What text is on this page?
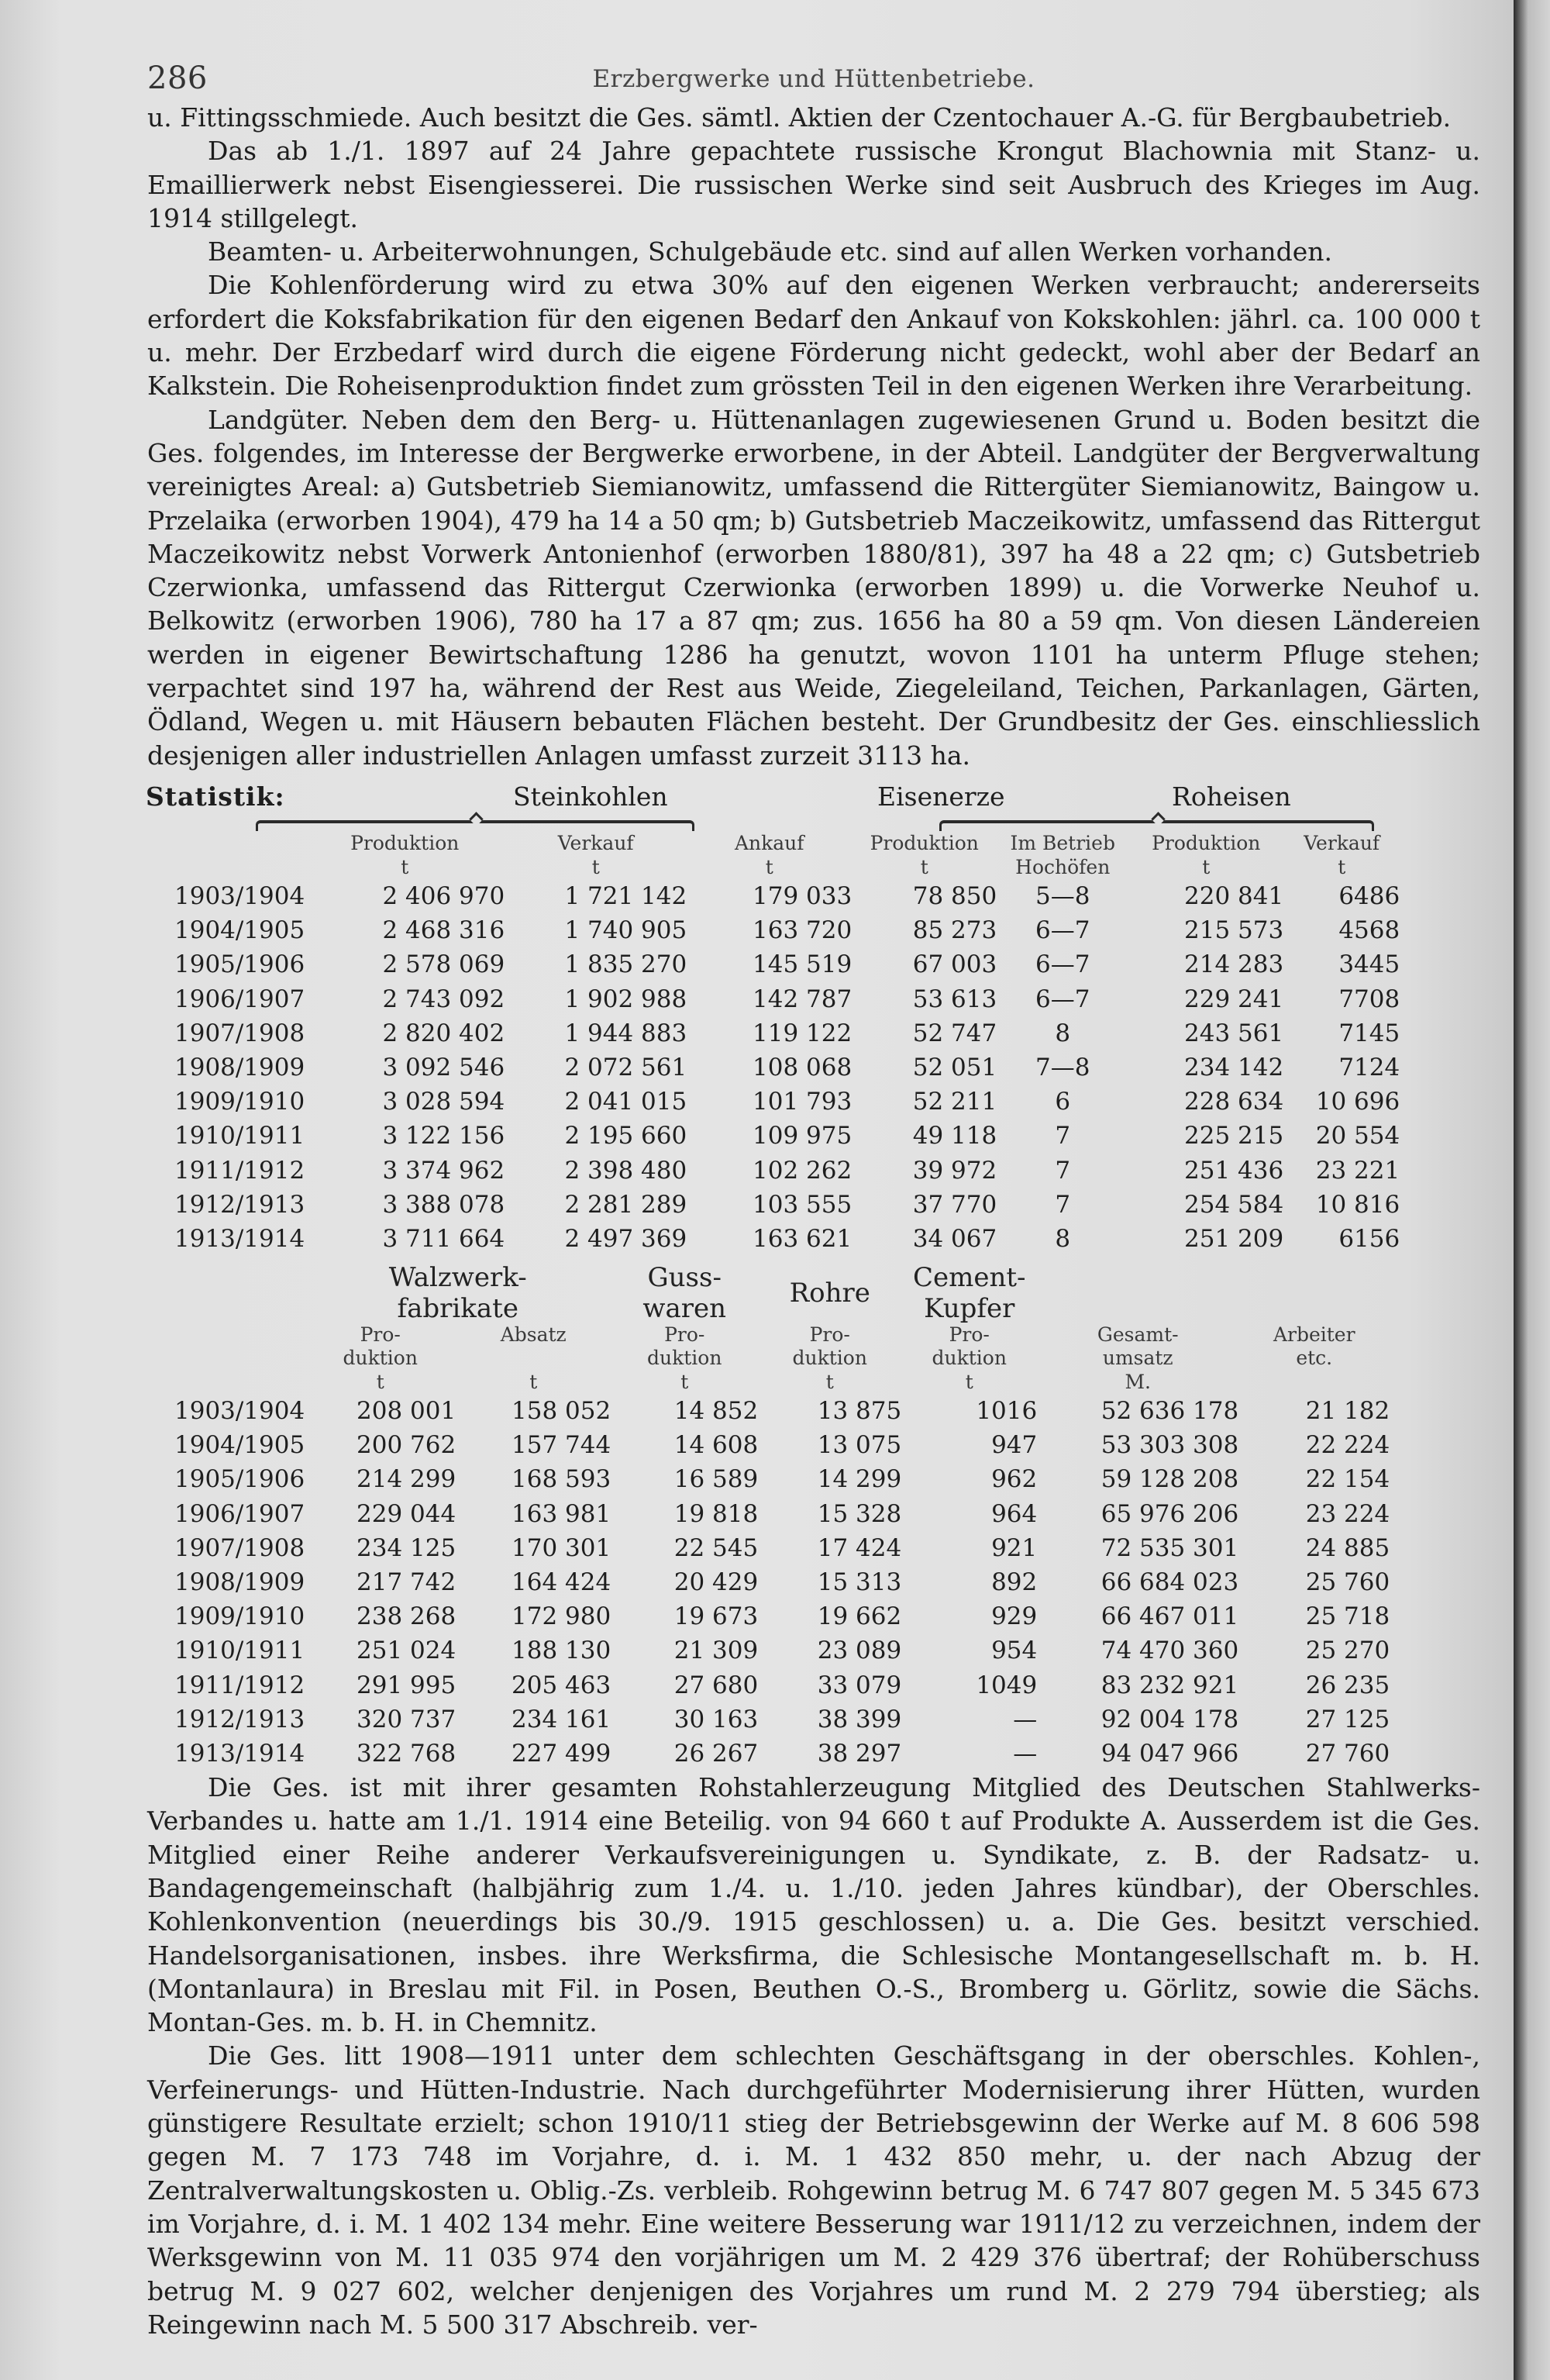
286	Erzbergwerke und Hüttenbetriebe.

u. Fittingsschmiede. Auch besitzt die Ges. sämtl. Aktien der Czentochauer A.-G. für Bergbaubetrieb.

Das ab 1./1. 1897 auf 24 Jahre gepachtete russische Krongut Blachownia mit Stanz- u. Emaillierwerk nebst Eisengiesserei. Die russischen Werke sind seit Ausbruch des Krieges im Aug. 1914 stillgelegt.

Beamten- u. Arbeiterwohnungen, Schulgebäude etc. sind auf allen Werken vorhanden.

Die Kohlenförderung wird zu etwa 30% auf den eigenen Werken verbraucht; andererseits erfordert die Koksfabrikation für den eigenen Bedarf den Ankauf von Kokskohlen: jährl. ca. 100 000 t u. mehr. Der Erzbedarf wird durch die eigene Förderung nicht gedeckt, wohl aber der Bedarf an Kalkstein. Die Roheisenproduktion findet zum grössten Teil in den eigenen Werken ihre Verarbeitung.

Landgüter. Neben dem den Berg- u. Hüttenanlagen zugewiesenen Grund u. Boden besitzt die Ges. folgendes, im Interesse der Bergwerke erworbene, in der Abteil. Landgüter der Bergverwaltung vereinigtes Areal: a) Gutsbetrieb Siemianowitz, umfassend die Rittergüter Siemianowitz, Baingow u. Przelaika (erworben 1904), 479 ha 14 a 50 qm; b) Gutsbetrieb Maczeikowitz, umfassend das Rittergut Maczeikowitz nebst Vorwerk Antonienhof (erworben 1880/81), 397 ha 48 a 22 qm; c) Gutsbetrieb Czerwionka, umfassend das Rittergut Czerwionka (erworben 1899) u. die Vorwerke Neuhof u. Belkowitz (erworben 1906), 780 ha 17 a 87 qm; zus. 1656 ha 80 a 59 qm. Von diesen Ländereien werden in eigener Bewirtschaftung 1286 ha genutzt, wovon 1101 ha unterm Pfluge stehen; verpachtet sind 197 ha, während der Rest aus Weide, Ziegeleiland, Teichen, Parkanlagen, Gärten, Ödland, Wegen u. mit Häusern bebauten Flächen besteht. Der Grundbesitz der Ges. einschliesslich desjenigen aller industriellen Anlagen umfasst zurzeit 3113 ha.

Statistik:	Steinkohlen	Eisenerze	Roheisen
	Produktion	Verkauf	Ankauf	Produktion	Im Betrieb	Produktion	Verkauf
	t	t	t	t	Hochöfen	t	t
1903/1904	2 406 970	1 721 142	179 033	78 850	5—8	220 841	6486
1904/1905	2 468 316	1 740 905	163 720	85 273	6—7	215 573	4568
1905/1906	2 578 069	1 835 270	145 519	67 003	6—7	214 283	3445
1906/1907	2 743 092	1 902 988	142 787	53 613	6—7	229 241	7708
1907/1908	2 820 402	1 944 883	119 122	52 747	8	243 561	7145
1908/1909	3 092 546	2 072 561	108 068	52 051	7—8	234 142	7124
1909/1910	3 028 594	2 041 015	101 793	52 211	6	228 634	10 696
1910/1911	3 122 156	2 195 660	109 975	49 118	7	225 215	20 554
1911/1912	3 374 962	2 398 480	102 262	39 972	7	251 436	23 221
1912/1913	3 388 078	2 281 289	103 555	37 770	7	254 584	10 816
1913/1914	3 711 664	2 497 369	163 621	34 067	8	251 209	6156
	Walzwerk-		Guss-	Rohre	Cement-		
	fabrikate		waren		Kupfer		
	Pro-	Absatz	Pro-	Pro-	Pro-	Gesamt-	Arbeiter
	duktion		duktion	duktion	duktion	umsatz	etc.
	t	t	t	t	t	M.	
1903/1904	208 001	158 052	14 852	13 875	1016	52 636 178	21 182
1904/1905	200 762	157 744	14 608	13 075	947	53 303 308	22 224
1905/1906	214 299	168 593	16 589	14 299	962	59 128 208	22 154
1906/1907	229 044	163 981	19 818	15 328	964	65 976 206	23 224
1907/1908	234 125	170 301	22 545	17 424	921	72 535 301	24 885
1908/1909	217 742	164 424	20 429	15 313	892	66 684 023	25 760
1909/1910	238 268	172 980	19 673	19 662	929	66 467 011	25 718
1910/1911	251 024	188 130	21 309	23 089	954	74 470 360	25 270
1911/1912	291 995	205 463	27 680	33 079	1049	83 232 921	26 235
1912/1913	320 737	234 161	30 163	38 399	—	92 004 178	27 125
1913/1914	322 768	227 499	26 267	38 297	—	94 047 966	27 760

Die Ges. ist mit ihrer gesamten Rohstahlerzeugung Mitglied des Deutschen Stahlwerks-Verbandes u. hatte am 1./1. 1914 eine Beteilig. von 94 660 t auf Produkte A. Ausserdem ist die Ges. Mitglied einer Reihe anderer Verkaufsvereinigungen u. Syndikate, z. B. der Radsatz- u. Bandagengemeinschaft (halbjährig zum 1./4. u. 1./10. jeden Jahres kündbar), der Oberschles. Kohlenkonvention (neuerdings bis 30./9. 1915 geschlossen) u. a. Die Ges. besitzt verschied. Handelsorganisationen, insbes. ihre Werksfirma, die Schlesische Montangesellschaft m. b. H. (Montanlaura) in Breslau mit Fil. in Posen, Beuthen O.-S., Bromberg u. Görlitz, sowie die Sächs. Montan-Ges. m. b. H. in Chemnitz.

Die Ges. litt 1908—1911 unter dem schlechten Geschäftsgang in der oberschles. Kohlen-, Verfeinerungs- und Hütten-Industrie. Nach durchgeführter Modernisierung ihrer Hütten, wurden günstigere Resultate erzielt; schon 1910/11 stieg der Betriebsgewinn der Werke auf M. 8 606 598 gegen M. 7 173 748 im Vorjahre, d. i. M. 1 432 850 mehr, u. der nach Abzug der Zentralverwaltungskosten u. Oblig.-Zs. verbleib. Rohgewinn betrug M. 6 747 807 gegen M. 5 345 673 im Vorjahre, d. i. M. 1 402 134 mehr. Eine weitere Besserung war 1911/12 zu verzeichnen, indem der Werksgewinn von M. 11 035 974 den vorjährigen um M. 2 429 376 übertraf; der Rohüberschuss betrug M. 9 027 602, welcher denjenigen des Vorjahres um rund M. 2 279 794 überstieg; als Reingewinn nach M. 5 500 317 Abschreib. ver-
